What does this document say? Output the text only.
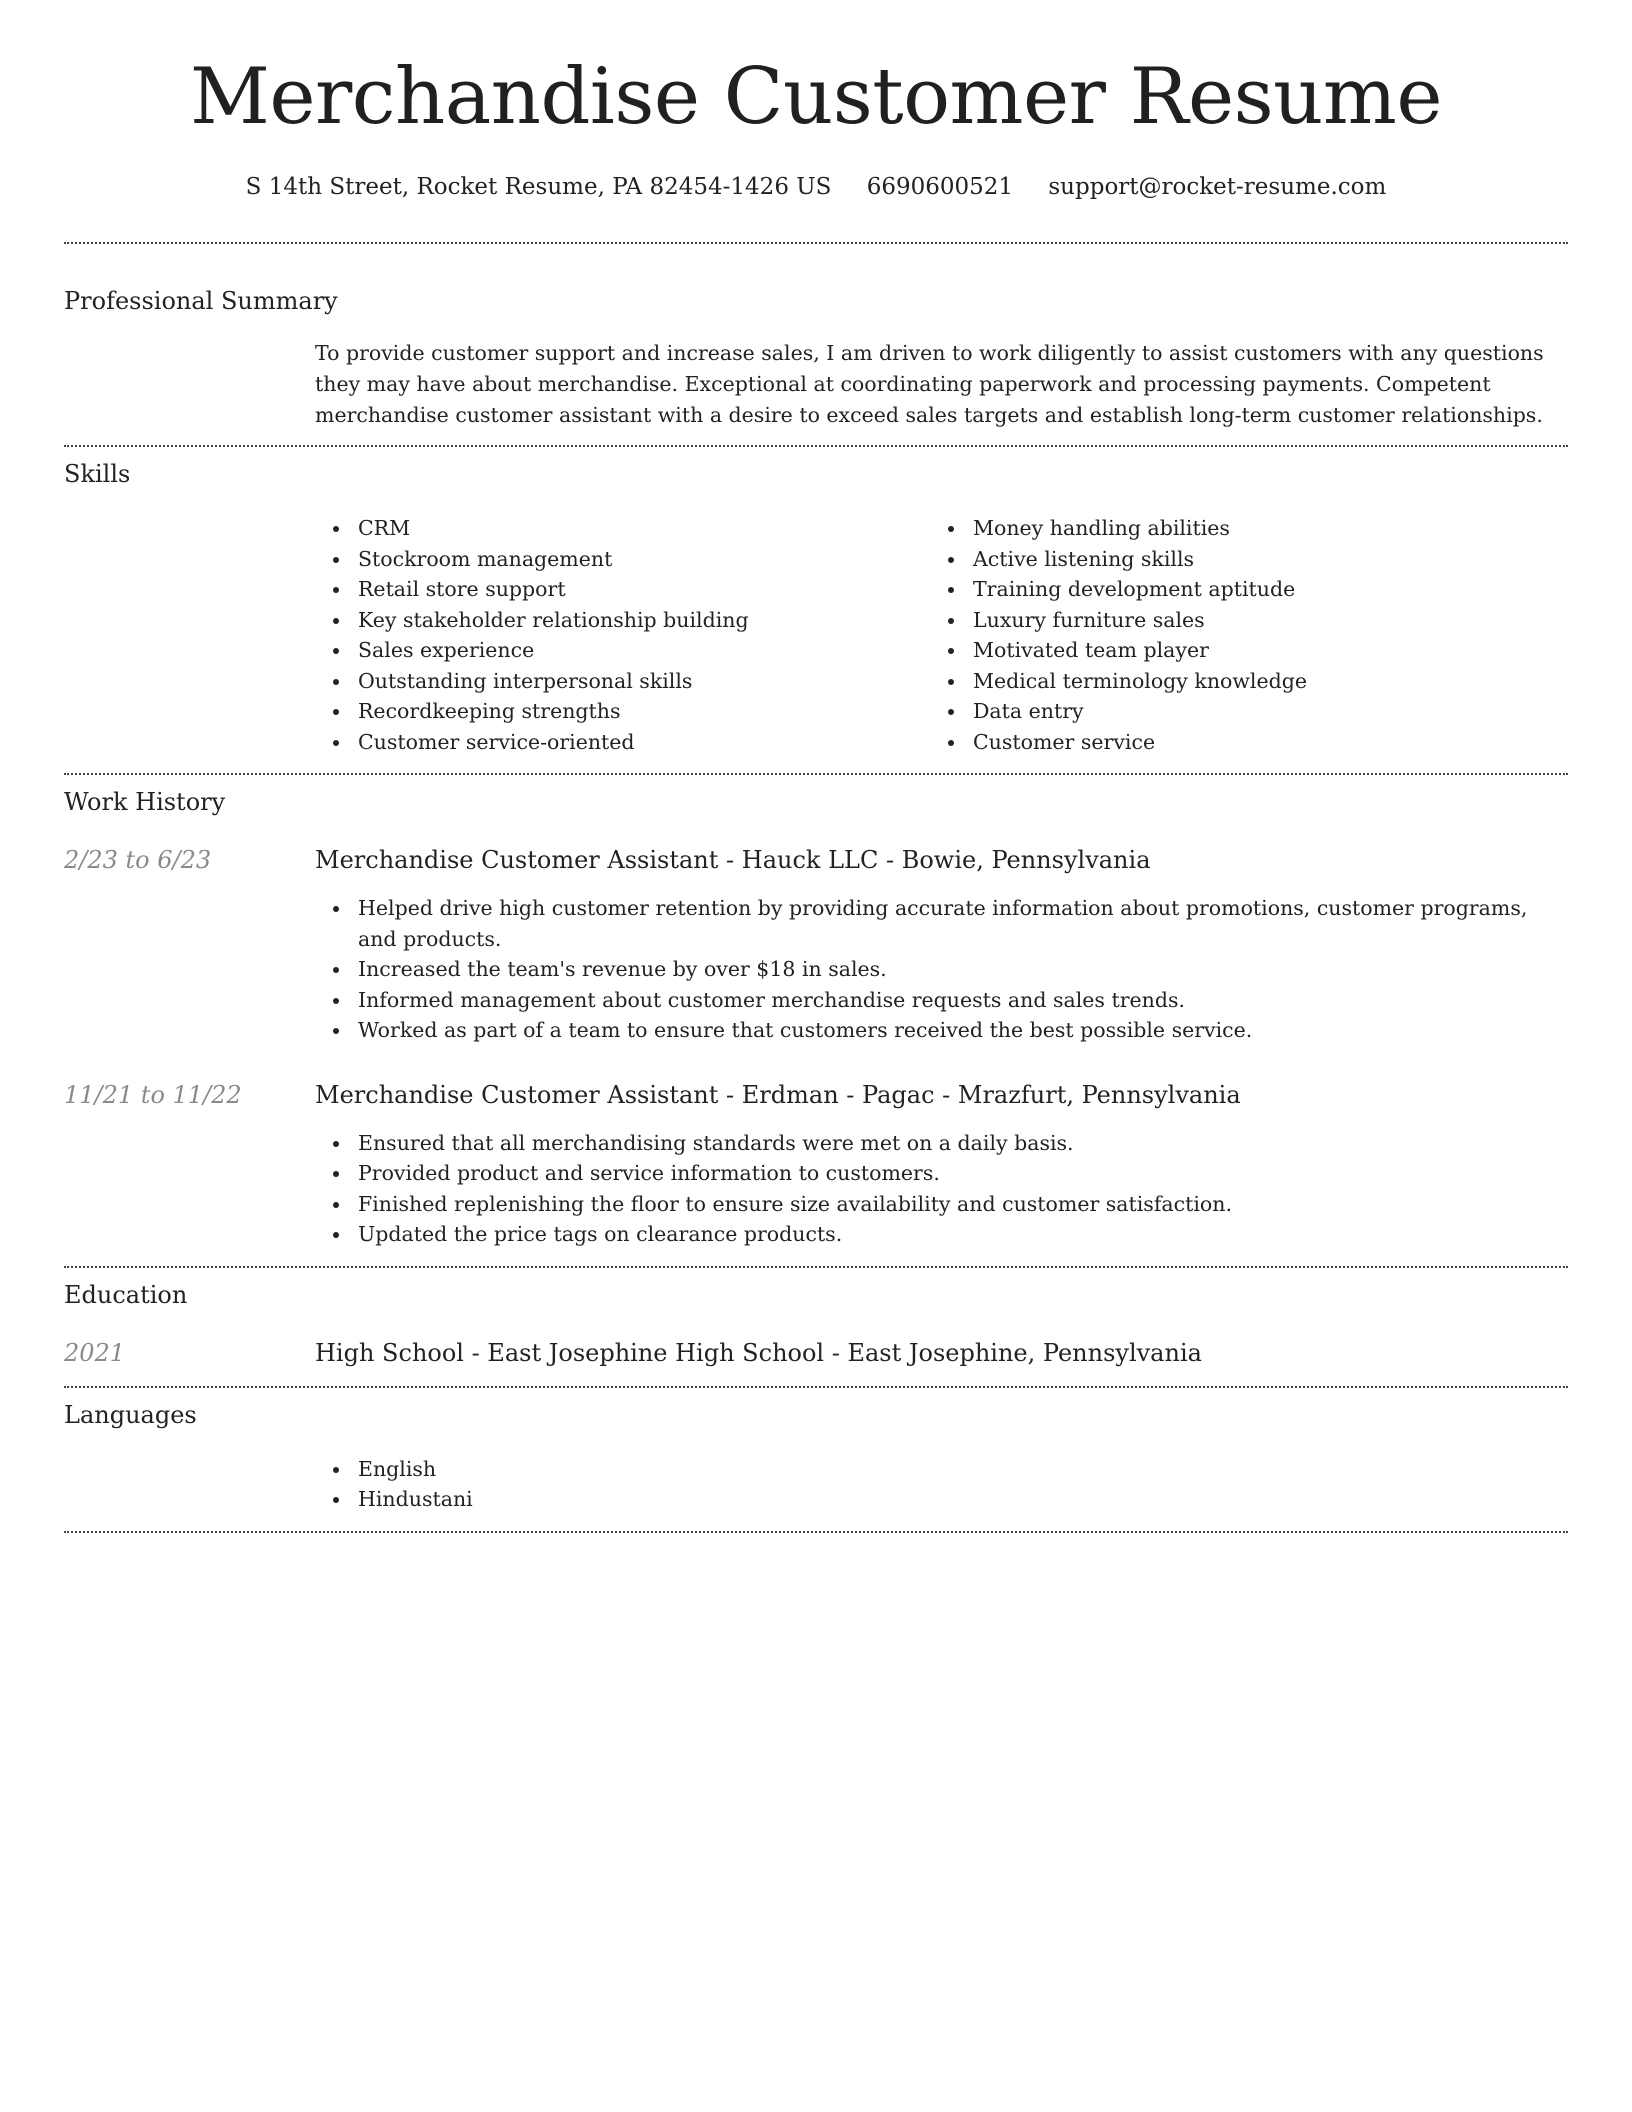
Merchandise Customer Resume
S 14th Street, Rocket Resume, PA 82454-1426 US 6690600521 support@rocket-resume.com
Professional Summary

To provide customer support and increase sales, I am driven to work diligently to assist customers with any questions they may have about merchandise. Exceptional at coordinating paperwork and processing payments. Competent merchandise customer assistant with a desire to exceed sales targets and establish long-term customer relationships.

Skills
CRM
Stockroom management
Retail store support
Key stakeholder relationship building
Sales experience
Outstanding interpersonal skills
Recordkeeping strengths
Customer service-oriented
Money handling abilities
Active listening skills
Training development aptitude
Luxury furniture sales
Motivated team player
Medical terminology knowledge
Data entry
Customer service
Work History
2/23 to 6/23	Merchandise Customer Assistant - Hauck LLC - Bowie, Pennsylvania
Helped drive high customer retention by providing accurate information about promotions, customer programs, and products.
Increased the team's revenue by over $18 in sales.
Informed management about customer merchandise requests and sales trends.
Worked as part of a team to ensure that customers received the best possible service.
11/21 to 11/22	Merchandise Customer Assistant - Erdman - Pagac - Mrazfurt, Pennsylvania
Ensured that all merchandising standards were met on a daily basis.
Provided product and service information to customers.
Finished replenishing the floor to ensure size availability and customer satisfaction.
Updated the price tags on clearance products.
Education
2021	High School - East Josephine High School - East Josephine, Pennsylvania
Languages
English
Hindustani
